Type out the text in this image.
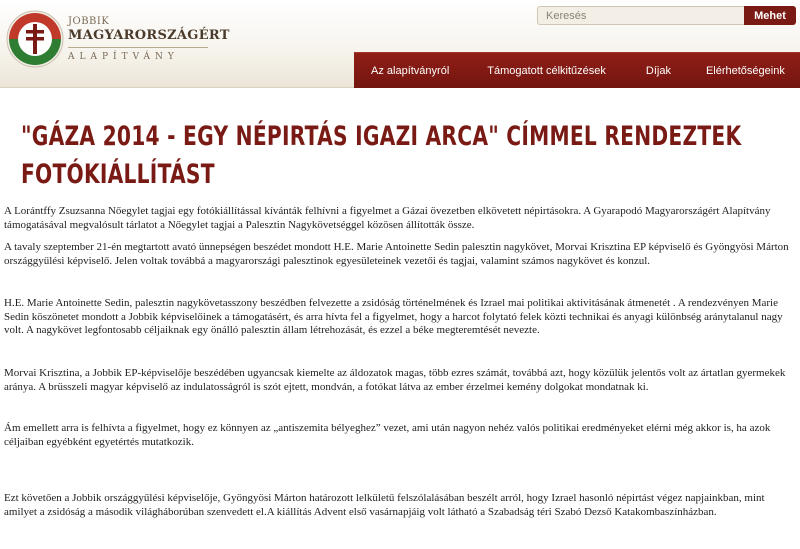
JOBBIK
MAGYARORSZÁGÉRT
ALAPÍTVÁNY
Keresés
Mehet
Az alapítványról	Támogatott célkitűzések	Díjak	Elérhetőségeink
"GÁZA 2014 - EGY NÉPIRTÁS IGAZI ARCA" CÍMMEL RENDEZTEK FOTÓKIÁLLÍTÁST

A Lorántffy Zsuzsanna Nőegylet tagjai egy fotókiállítással kívánták felhívni a figyelmet a Gázai övezetben elkövetett népirtásokra. A Gyarapodó Magyarországért Alapítvány támogatásával megvalósult tárlatot a Nőegylet tagjai a Palesztin Nagykövetséggel közösen állították össze.

A tavaly szeptember 21-én megtartott avató ünnepségen beszédet mondott H.E. Marie Antoinette Sedin palesztin nagykövet, Morvai Krisztina EP képviselő és Gyöngyösi Márton országgyűlési képviselő. Jelen voltak továbbá a magyarországi palesztinok egyesületeinek vezetői és tagjai, valamint számos nagykövet és konzul.

H.E. Marie Antoinette Sedin, palesztin nagykövetasszony beszédben felvezette a zsidóság történelmének és Izrael mai politikai aktivitásának átmenetét . A rendezvényen Marie Sedin köszönetet mondott a Jobbik képviselőinek a támogatásért, és arra hívta fel a figyelmet, hogy a harcot folytató felek közti technikai és anyagi különbség aránytalanul nagy volt. A nagykövet legfontosabb céljaiknak egy önálló palesztin állam létrehozását, és ezzel a béke megteremtését nevezte.

Morvai Krisztina, a Jobbik EP-képviselője beszédében ugyancsak kiemelte az áldozatok magas, több ezres számát, továbbá azt, hogy közülük jelentős volt az ártatlan gyermekek aránya. A brüsszeli magyar képviselő az indulatosságról is szót ejtett, mondván, a fotókat látva az ember érzelmei kemény dolgokat mondatnak ki.

Ám emellett arra is felhívta a figyelmet, hogy ez könnyen az „antiszemita bélyeghez” vezet, ami után nagyon nehéz valós politikai eredményeket elérni még akkor is, ha azok céljaiban egyébként egyetértés mutatkozik.

Ezt követően a Jobbik országgyűlési képviselője, Gyöngyösi Márton határozott lelkületű felszólalásában beszélt arról, hogy Izrael hasonló népirtást végez napjainkban, mint amilyet a zsidóság a második világháborúban szenvedett el.A kiállítás Advent első vasárnapjáig volt látható a Szabadság téri Szabó Dezső Katakombaszínházban.
